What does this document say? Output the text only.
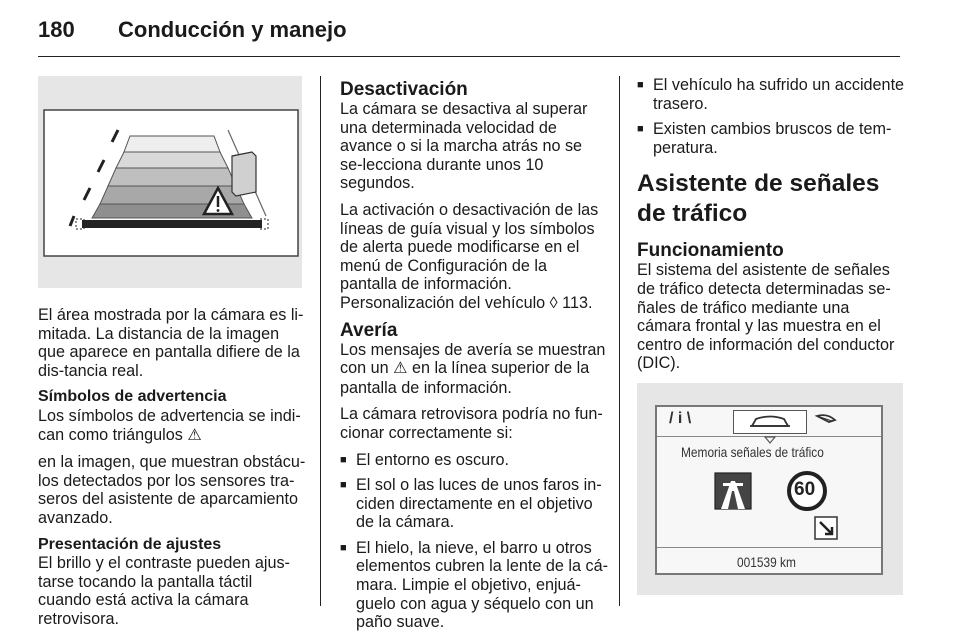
180	Conducción y manejo

El área mostrada por la cámara es li-mitada. La distancia de la imagen que aparece en pantalla difiere de la dis-tancia real.

Símbolos de advertencia

Los símbolos de advertencia se indi-can como triángulos ⚠

en la imagen, que muestran obstácu-los detectados por los sensores tra-seros del asistente de aparcamiento avanzado.

Presentación de ajustes

El brillo y el contraste pueden ajus-tarse tocando la pantalla táctil cuando está activa la cámara retrovisora.

Desactivación

La cámara se desactiva al superar una determinada velocidad de avance o si la marcha atrás no se se-lecciona durante unos 10 segundos.

La activación o desactivación de las líneas de guía visual y los símbolos de alerta puede modificarse en el menú de Configuración de la pantalla de información. Personalización del vehículo ◊ 113.

Avería

Los mensajes de avería se muestran con un ⚠ en la línea superior de la pantalla de información.

La cámara retrovisora podría no fun-cionar correctamente si:

■ El entorno es oscuro.
■ El sol o las luces de unos faros in-ciden directamente en el objetivo de la cámara.
■ El hielo, la nieve, el barro u otros elementos cubren la lente de la cá-mara. Limpie el objetivo, enjuá-guelo con agua y séquelo con un paño suave.
■ El vehículo ha sufrido un accidente trasero.
■ Existen cambios bruscos de tem-peratura.

Asistente de señales de tráfico

Funcionamiento

El sistema del asistente de señales de tráfico detecta determinadas se-ñales de tráfico mediante una cámara frontal y las muestra en el centro de información del conductor (DIC).

/ i \
Memoria señales de tráfico
60
001539 km
